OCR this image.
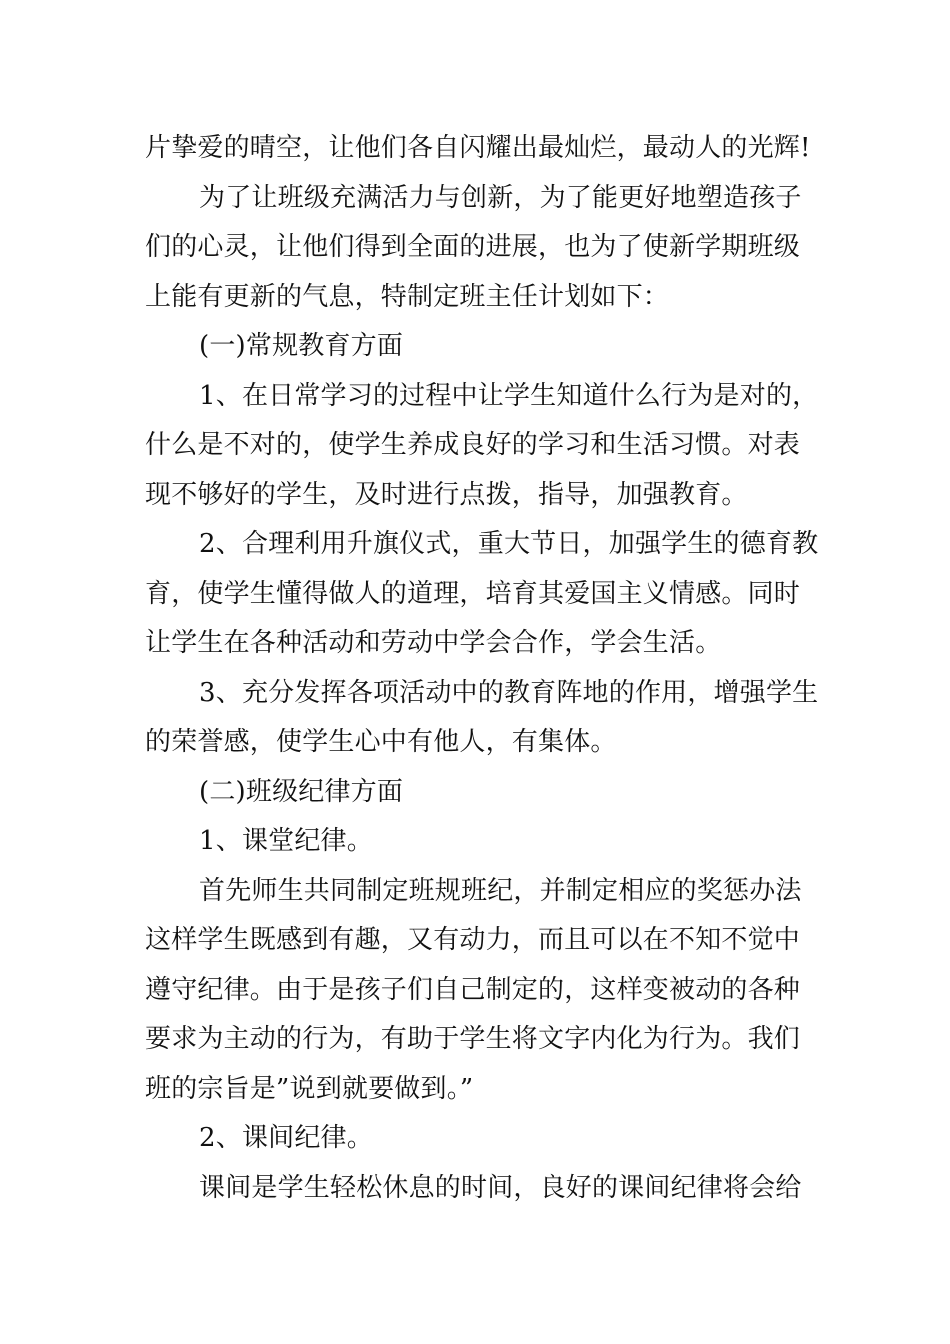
片挚爱的晴空，让他们各自闪耀出最灿烂，最动人的光辉!
为了让班级充满活力与创新，为了能更好地塑造孩子
们的心灵，让他们得到全面的进展，也为了使新学期班级
上能有更新的气息，特制定班主任计划如下：
(一)常规教育方面
1、在日常学习的过程中让学生知道什么行为是对的，
什么是不对的，使学生养成良好的学习和生活习惯。对表
现不够好的学生，及时进行点拨，指导，加强教育。
2、合理利用升旗仪式，重大节日，加强学生的德育教
育，使学生懂得做人的道理，培育其爱国主义情感。同时
让学生在各种活动和劳动中学会合作，学会生活。
3、充分发挥各项活动中的教育阵地的作用，增强学生
的荣誉感，使学生心中有他人，有集体。
(二)班级纪律方面
1、课堂纪律。
首先师生共同制定班规班纪，并制定相应的奖惩办法
这样学生既感到有趣，又有动力，而且可以在不知不觉中
遵守纪律。由于是孩子们自己制定的，这样变被动的各种
要求为主动的行为，有助于学生将文字内化为行为。我们
班的宗旨是”说到就要做到。”
2、课间纪律。
课间是学生轻松休息的时间，良好的课间纪律将会给
